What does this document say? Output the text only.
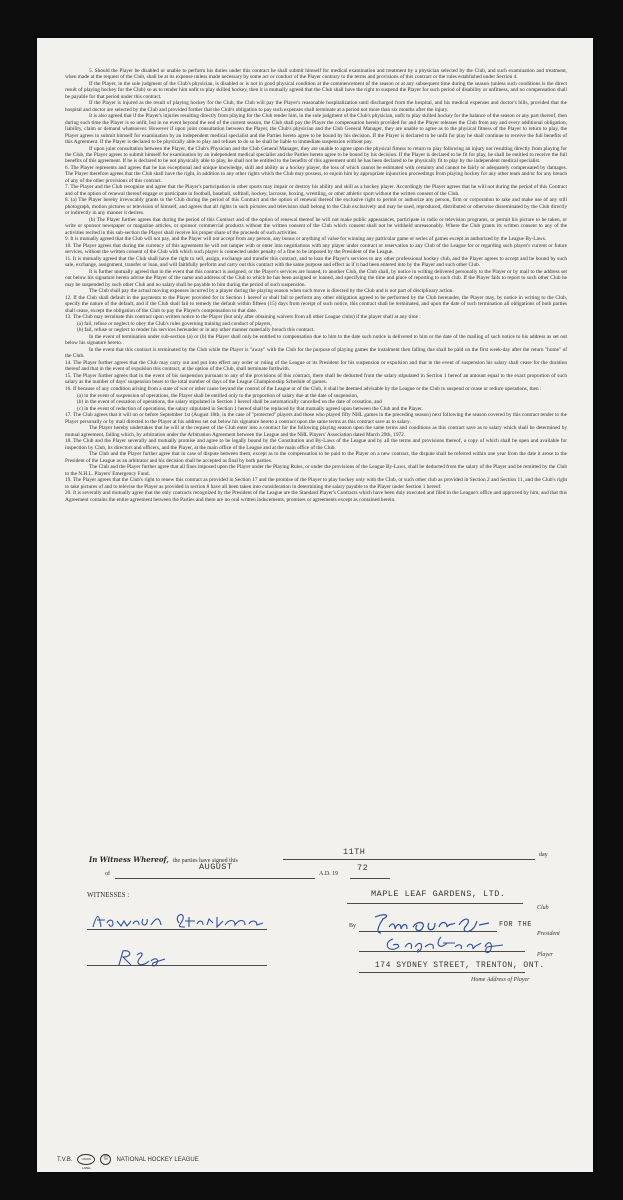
5. Should the Player be disabled or unable to perform his duties under this contract he shall submit himself for medical examination and treatment by a physician selected by the Club, and such examination and treatment, when made at the request of the Club, shall be at its expense unless made necessary by some act or conduct of the Player contrary to the terms and provisions of this contract or the rules established under Section 4.

If the Player, in the sole judgment of the Club's physician, is disabled or is not in good physical condition at the commencement of the season or at any subsequent time during the season (unless such conditions is the direct result of playing hockey for the Club) so as to render him unfit to play skilled hockey, then it is mutually agreed that the Club shall have the right to suspend the Player for such period of disability or unfitness, and no compensation shall be payable for that period under this contract.

If the Player is injured as the result of playing hockey for the Club, the Club will pay the Player's reasonable hospitalization until discharged from the hospital, and his medical expenses and doctor's bills, provided that the hospital and doctor are selected by the Club and provided further that the Club's obligation to pay such expenses shall terminate at a period not more than six months after the injury.

It is also agreed that if the Player's injuries resulting directly from playing for the Club render him, in the sole judgment of the Club's physician, unfit to play skilled hockey for the balance of the season or any part thereof, then during such time the Player is so unfit, but in no event beyond the end of the current season, the Club shall pay the Player the compensation herein provided for and the Player releases the Club from any and every additional obligation, liability, claim or demand whatsoever. However if upon joint consultation between the Player, the Club's physician and the Club General Manager, they are unable to agree as to the physical fitness of the Player to return to play, the Player agrees to submit himself for examination by an independent medical specialist and the Parties hereto agree to be bound by his decision. If the Player is declared to be unfit for play he shall continue to receive the full benefits of this Agreement. If the Player is declared to be physically able to play and refuses to do so he shall be liable to immediate suspension without pay.

If upon joint consultation between the Player, the Club's Physician and the Club General Manager, they are unable to agree upon the physical fitness to return to play following an injury not resulting directly from playing for the Club, the Player agrees to submit himself for examination by an independent medical specialist and the Parties hereto agree to be bound by his decision. If the Player is declared to be fit for play, he shall be entitled to receive the full benefits of this agreement. If he is declared to be not physically able to play, he shall not be entitled to the benefits of this agreement until he has been declared to be physically fit to play by the independent medical specialist.

6. The Player represents and agrees that he has exceptional and unique knowledge, skill and ability as a hockey player, the loss of which cannot be estimated with certainty and cannot be fairly or adequately compensated by damages. The Player therefore agrees that the Club shall have the right, in addition to any other rights which the Club may possess, to enjoin him by appropriate injunction proceedings from playing hockey for any other team and/or for any breach of any of the other provisions of this contract.

7. The Player and the Club recognize and agree that the Player's participation in other sports may impair or destroy his ability and skill as a hockey player. Accordingly the Player agrees that he will not during the period of this Contract and of the option of renewal thereof engage or participate in football, baseball, softball, hockey, lacrosse, boxing, wrestling, or other athletic sport without the written consent of the Club.

8. (a) The Player hereby irrevocably grants to the Club during the period of this Contract and the option of renewal thereof the exclusive right to permit or authorize any person, firm or corporation to take and make use of any still photograph, motion pictures or television of himself, and agrees that all rights in such pictures and television shall belong to the Club exclusively and may be used, reproduced, distributed or otherwise disseminated by the Club directly or indirectly in any manner it desires.

(b) The Player further agrees that during the period of this Contract and of the option of renewal thereof he will not make public appearances, participate in radio or television programs, or permit his picture to be taken, or write or sponsor newspaper or magazine articles, or sponsor commercial products without the written consent of the Club which consent shall not be withheld unreasonably. Where the Club grants its written consent to any of the activities recited in this sub-section the Player shall receive his proper share of the proceeds of such activities.

9. It is mutually agreed that the Club will not pay, and the Player will not accept from any person, any bonus or anything of value for winning any particular game or series of games except as authorized by the League By-Laws.

10. The Player agrees that during the currency of this agreement he will not tamper with or enter into negotiations with any player under contract or reservation to any Club of the League for or regarding such player's current or future services, without the written consent of the Club with which such player is connected under penalty of a fine to be imposed by the President of the League.

11. It is mutually agreed that the Club shall have the right to sell, assign, exchange and transfer this contract, and to loan the Player's services to any other professional hockey club, and the Player agrees to accept and be bound by such sale, exchange, assignment, transfer or loan, and will faithfully perform and carry out this contract with the same purpose and effect as if it had been entered into by the Player and such other Club.

It is further mutually agreed that in the event that this contract is assigned, or the Player's services are loaned, to another Club, the Club shall, by notice in writing delivered personally to the Player or by mail to the address set out below his signature hereto advise the Player of the name and address of the Club to which he has been assigned or loaned, and specifying the time and place of reporting to such club. If the Player fails to report to such other Club he may be suspended by such other Club and no salary shall be payable to him during the period of such suspension.

The Club shall pay the actual moving expenses incurred by a player during the playing season when such move is directed by the Club and is not part of disciplinary action.

12. If the Club shall default in the payments to the Player provided for in Section 1 hereof or shall fail to perform any other obligation agreed to be performed by the Club hereunder, the Player may, by notice in writing to the Club, specify the nature of the default, and if the Club shall fail to remedy the default within fifteen (15) days from receipt of such notice, this contract shall be terminated, and upon the date of such termination all obligations of both parties shall cease, except the obligation of the Club to pay the Player's compensation to that date.

13. The Club may terminate this contract upon written notice to the Player (but only after obtaining waivers from all other League clubs) if the player shall at any time :

(a) fail, refuse or neglect to obey the Club's rules governing training and conduct of players,

(b) fail, refuse or neglect to render his services hereunder or in any other manner materially breach this contract.

In the event of termination under sub-section (a) or (b) the Player shall only be entitled to compensation due to him to the date such notice is delivered to him or the date of the mailing of such notice to his address as set out below his signature hereto.

In the event that this contract is terminated by the Club while the Player is "away" with the Club for the purpose of playing games the instalment then falling due shall be paid on the first week-day after the return "home" of the Club.

14. The Player further agrees that the Club may carry out and put into effect any order or ruling of the League or its President for his suspension or expulsion and that in the event of suspension his salary shall cease for the duration thereof and that in the event of expulsion this contract, at the option of the Club, shall terminate forthwith.

15. The Player further agrees that in the event of his suspension pursuant to any of the provisions of this contract, there shall be deducted from the salary stipulated in Section 1 hereof an amount equal to the exact proportion of such salary as the number of days' suspension bears to the total number of days of the League Championship Schedule of games.

16. If because of any condition arising from a state of war or other cause beyond the control of the League or of the Club, it shall be deemed advisable by the League or the Club to suspend or cease or reduce operations, then :

(a) in the event of suspension of operations, the Player shall be entitled only to the proportion of salary due at the date of suspension,

(b) in the event of cessation of operations, the salary stipulated in Section 1 hereof shall be automatically cancelled on the date of cessation, and

(c) in the event of reduction of operations, the salary stipulated in Section 1 hereof shall be replaced by that mutually agreed upon between the Club and the Player.

17. The Club agrees that it will on or before September 1st (August 10th, in the case of "protected" players and those who played fifty NHL games in the preceding season) next following the season covered by this contract tender to the Player personally or by mail directed to the Player at his address set out below his signature hereto a contract upon the same terms as this contract save as to salary.

The Player hereby undertakes that he will at the request of the Club enter into a contract for the following playing season upon the same terms and conditions as this contract save as to salary which shall be determined by mutual agreement, failing which, by arbitration under the Arbitration Agreement between the League and the NHL Players' Association dated March 29th, 1972.

18. The Club and the Player severally and mutually promise and agree to be legally bound by the Constitution and By-Laws of the League and by all the terms and provisions thereof, a copy of which shall be open and available for inspection by Club, its directors and officers, and the Player, at the main office of the League and at the main office of the Club.

The Club and the Player further agree that in case of dispute between them, except as to the compensation to be paid to the Player on a new contract, the dispute shall be referred within one year from the date it arose to the President of the League as an arbitrator and his decision shall be accepted as final by both parties.

The Club and the Player further agree that all fines imposed upon the Player under the Playing Rules, or under the provisions of the League By-Laws, shall be deducted from the salary of the Player and be remitted by the Club to the N.H.L. Players' Emergency Fund.

19. The Player agrees that the Club's right to renew this contract as provided in Section 17 and the promise of the Player to play hockey only with the Club, or such other club as provided in Section 2 and Section 11, and the Club's right to take pictures of and to televise the Player as provided in section 8 have all been taken into consideration in determining the salary payable to the Player under Section 1 hereof.

20. It is severally and mutually agree that the only contracts recognized by the President of the League are the Standard Player's Contracts which have been duly executed and filed in the League's office and approved by him, and that this Agreement contains the entire agreement between the Parties and there are no oral written inducements, promises or agreements except as contained herein.

In Witness Whereof, the parties have signed this
11TH	day
of
AUGUST
A.D. 19
72
WITNESSES :	MAPLE LEAF GARDENS, LTD.
Club
By	FOR THE
President
Player
174 SYDNEY STREET, TRENTON, ONT.
Home Address of Player
T.V.B.	UNION LABEL
©	NATIONAL HOCKEY LEAGUE
